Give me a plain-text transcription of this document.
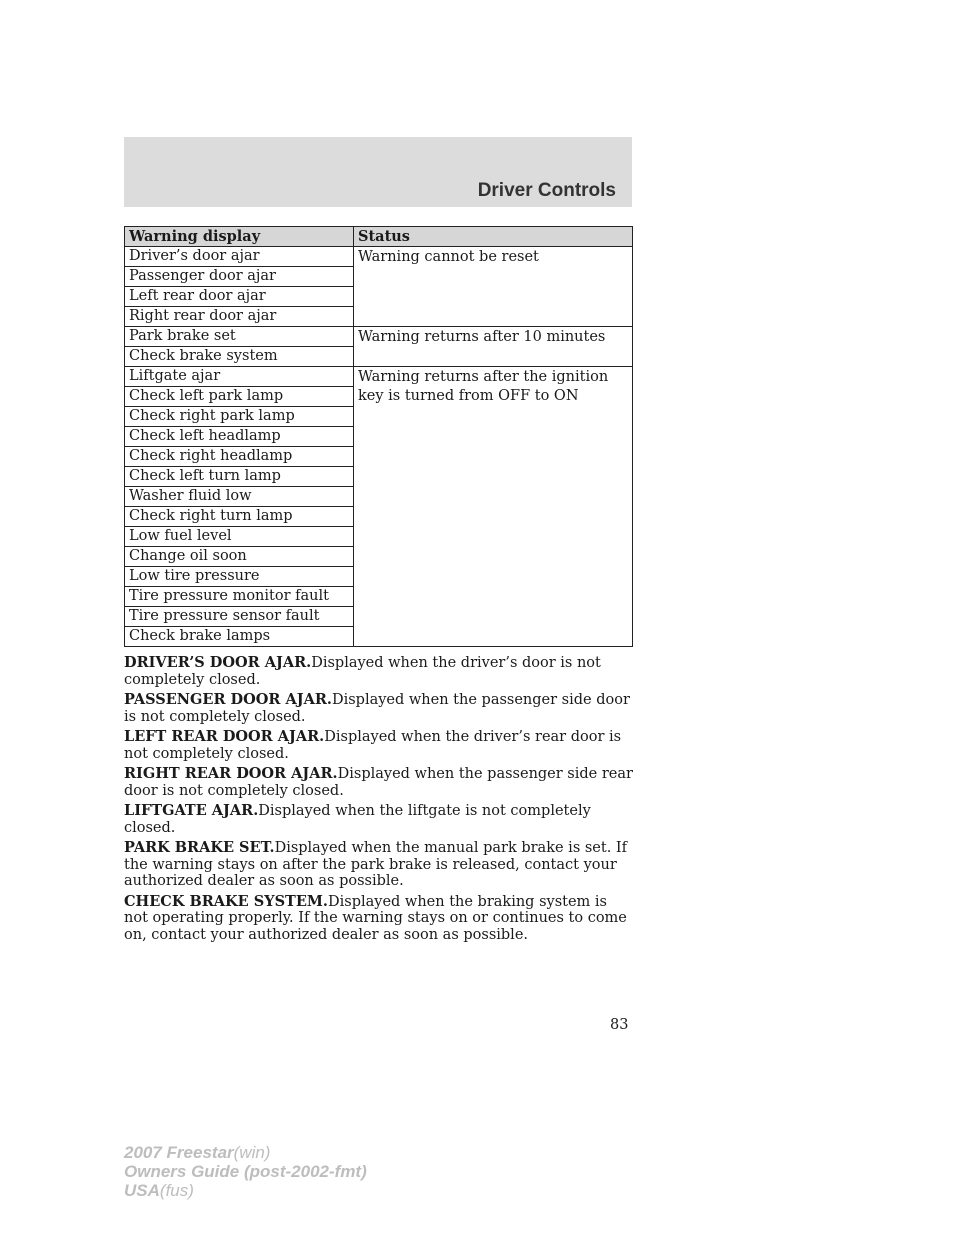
Driver Controls
Warning display	Status
Driver’s door ajar	Warning cannot be reset
Passenger door ajar	
Left rear door ajar	
Right rear door ajar	
Park brake set	Warning returns after 10 minutes
Check brake system	
Liftgate ajar	Warning returns after the ignition key is turned from OFF to ON
Check left park lamp	
Check right park lamp	
Check left headlamp	
Check right headlamp	
Check left turn lamp	
Washer fluid low	
Check right turn lamp	
Low fuel level	
Change oil soon	
Low tire pressure	
Tire pressure monitor fault	
Tire pressure sensor fault	
Check brake lamps	

DRIVER’S DOOR AJAR.Displayed when the driver’s door is not completely closed.

PASSENGER DOOR AJAR.Displayed when the passenger side door is not completely closed.

LEFT REAR DOOR AJAR.Displayed when the driver’s rear door is not completely closed.

RIGHT REAR DOOR AJAR.Displayed when the passenger side rear door is not completely closed.

LIFTGATE AJAR.Displayed when the liftgate is not completely closed.

PARK BRAKE SET.Displayed when the manual park brake is set. If the warning stays on after the park brake is released, contact your authorized dealer as soon as possible.

CHECK BRAKE SYSTEM.Displayed when the braking system is not operating properly. If the warning stays on or continues to come on, contact your authorized dealer as soon as possible.

83
2007 Freestar(win)
Owners Guide (post-2002-fmt)
USA(fus)
